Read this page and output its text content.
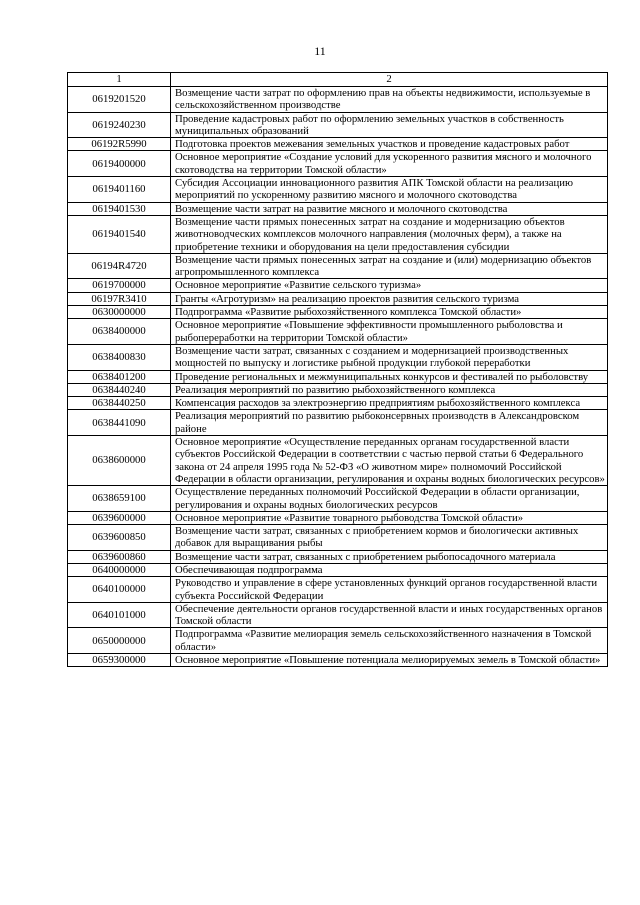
11
1	2
0619201520	Возмещение части затрат по оформлению прав на объекты недвижимости, используемые в сельскохозяйственном производстве
0619240230	Проведение кадастровых работ по оформлению земельных участков в собственность муниципальных образований
06192R5990	Подготовка проектов межевания земельных участков и проведение кадастровых работ
0619400000	Основное мероприятие «Создание условий для ускоренного развития мясного и молочного скотоводства на территории Томской области»
0619401160	Субсидия Ассоциации инновационного развития АПК Томской области на реализацию мероприятий по ускоренному развитию мясного и молочного скотоводства
0619401530	Возмещение части затрат на развитие мясного и молочного скотоводства
0619401540	Возмещение части прямых понесенных затрат на создание и модернизацию объектов животноводческих комплексов молочного направления (молочных ферм), а также на приобретение техники и оборудования на цели предоставления субсидии
06194R4720	Возмещение части прямых понесенных затрат на создание и (или) модернизацию объектов агропромышленного комплекса
0619700000	Основное мероприятие «Развитие сельского туризма»
06197R3410	Гранты «Агротуризм» на реализацию проектов развития сельского туризма
0630000000	Подпрограмма «Развитие рыбохозяйственного комплекса Томской области»
0638400000	Основное мероприятие «Повышение эффективности промышленного рыболовства и рыбопереработки на территории Томской области»
0638400830	Возмещение части затрат, связанных с созданием и модернизацией производственных мощностей по выпуску и логистике рыбной продукции глубокой переработки
0638401200	Проведение региональных и межмуниципальных конкурсов и фестивалей по рыболовству
0638440240	Реализация мероприятий по развитию рыбохозяйственного комплекса
0638440250	Компенсация расходов за электроэнергию предприятиям рыбохозяйственного комплекса
0638441090	Реализация мероприятий по развитию рыбоконсервных производств в Александровском районе
0638600000	Основное мероприятие «Осуществление переданных органам государственной власти субъектов Российской Федерации в соответствии с частью первой статьи 6 Федерального закона от 24 апреля 1995 года № 52-ФЗ «О животном мире» полномочий Российской Федерации в области организации, регулирования и охраны водных биологических ресурсов»
0638659100	Осуществление переданных полномочий Российской Федерации в области организации, регулирования и охраны водных биологических ресурсов
0639600000	Основное мероприятие «Развитие товарного рыбоводства Томской области»
0639600850	Возмещение части затрат, связанных с приобретением кормов и биологически активных добавок для выращивания рыбы
0639600860	Возмещение части затрат, связанных с приобретением рыбопосадочного материала
0640000000	Обеспечивающая подпрограмма
0640100000	Руководство и управление в сфере установленных функций органов государственной власти субъекта Российской Федерации
0640101000	Обеспечение деятельности органов государственной власти и иных государственных органов Томской области
0650000000	Подпрограмма «Развитие мелиорация земель сельскохозяйственного назначения в Томской области»
0659300000	Основное мероприятие «Повышение потенциала мелиорируемых земель в Томской области»
